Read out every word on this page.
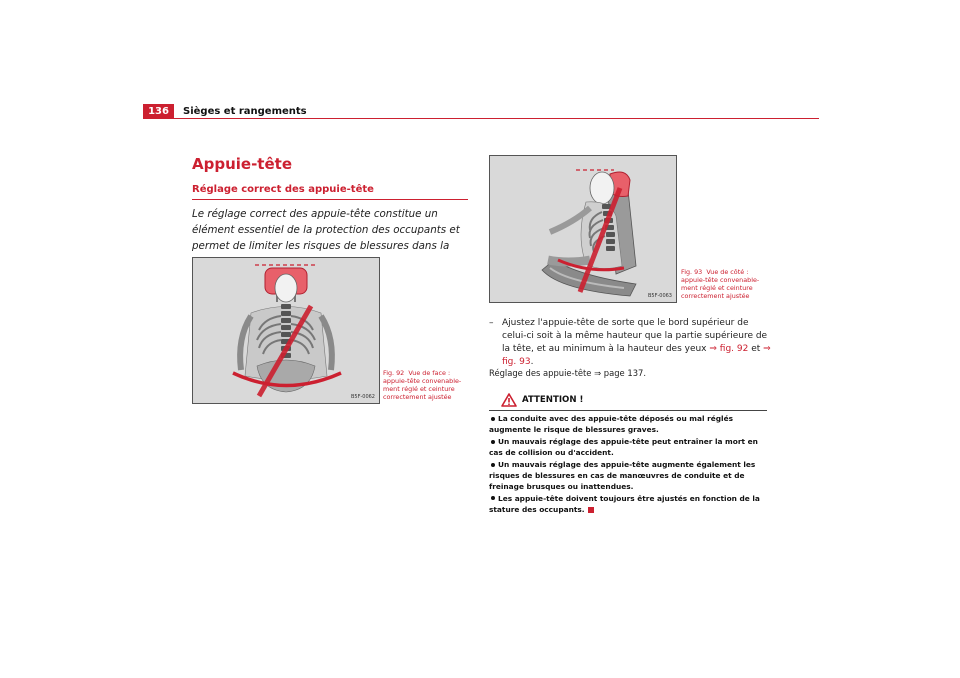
136	Sièges et rangements
Appuie-tête
Réglage correct des appuie-tête
Le réglage correct des appuie-tête constitue un élément essentiel de la protection des occupants et permet de limiter les risques de blessures dans la
B5F-0062
Fig. 92 Vue de face : appuie-tête convenable-ment réglé et ceinture correctement ajustée
B5F-0063
Fig. 93 Vue de côté : appuie-tête convenable-ment réglé et ceinture correctement ajustée
– Ajustez l'appuie-tête de sorte que le bord supérieur de celui-ci soit à la même hauteur que la partie supérieure de la tête, et au minimum à la hauteur des yeux ⇒ fig. 92 et ⇒ fig. 93.
Réglage des appuie-tête ⇒ page 137.
ATTENTION !
La conduite avec des appuie-tête déposés ou mal réglés augmente le risque de blessures graves.
Un mauvais réglage des appuie-tête peut entraîner la mort en cas de collision ou d'accident.
Un mauvais réglage des appuie-tête augmente également les risques de blessures en cas de manœuvres de conduite et de freinage brusques ou inattendues.
Les appuie-tête doivent toujours être ajustés en fonction de la stature des occupants.
